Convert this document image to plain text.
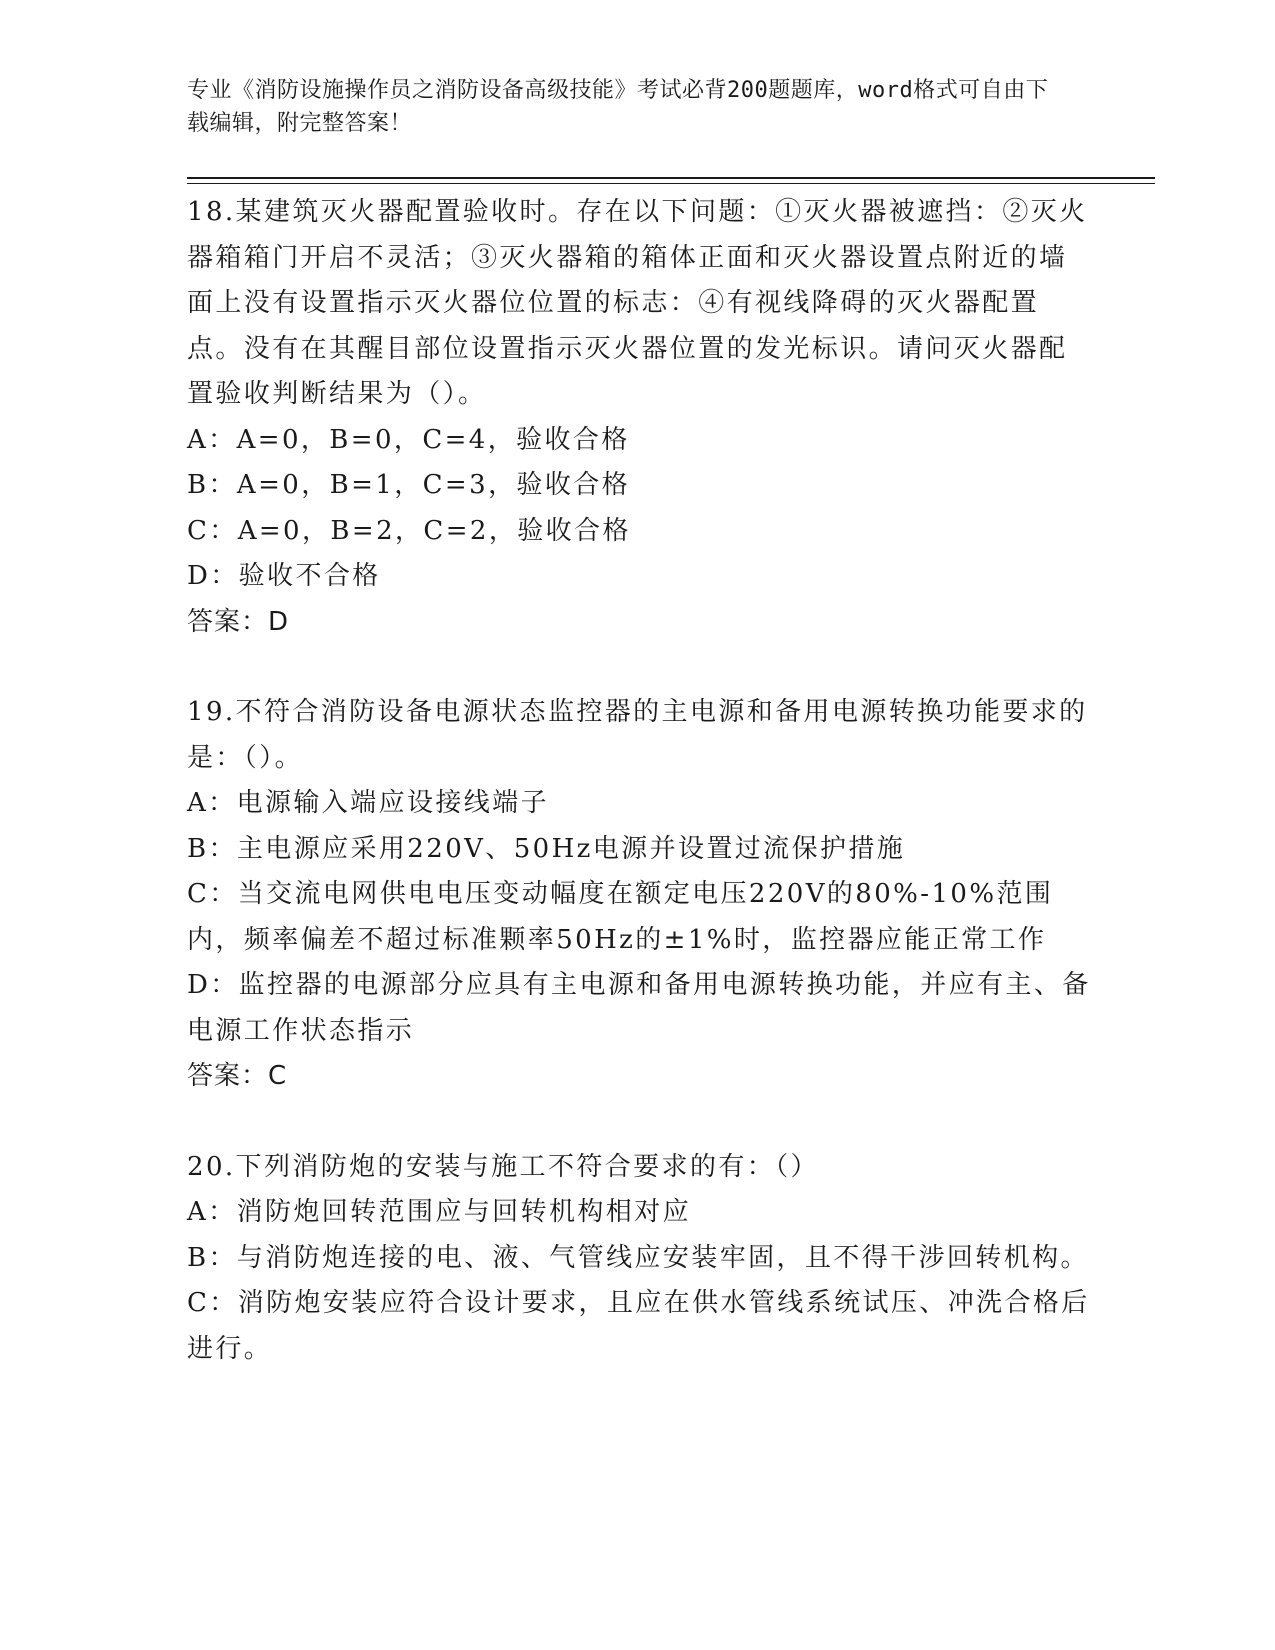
专业《消防设施操作员之消防设备高级技能》考试必背200题题库，word格式可自由下载编辑，附完整答案！
18.某建筑灭火器配置验收时。存在以下问题：①灭火器被遮挡：②灭火器箱箱门开启不灵活；③灭火器箱的箱体正面和灭火器设置点附近的墙面上没有设置指示灭火器位位置的标志：④有视线降碍的灭火器配置点。没有在其醒目部位设置指示灭火器位置的发光标识。请问灭火器配置验收判断结果为（）。
A：A=0，B=0，C=4，验收合格
B：A=0，B=1，C=3，验收合格
C：A=0，B=2，C=2，验收合格
D：验收不合格
答案：D
19.不符合消防设备电源状态监控器的主电源和备用电源转换功能要求的是：（）。
A：电源输入端应设接线端子
B：主电源应采用220V、50Hz电源并设置过流保护措施
C：当交流电网供电电压变动幅度在额定电压220V的80%-10%范围内，频率偏差不超过标准颗率50Hz的±1%时，监控器应能正常工作
D：监控器的电源部分应具有主电源和备用电源转换功能，并应有主、备电源工作状态指示
答案：C
20.下列消防炮的安装与施工不符合要求的有：（）
A：消防炮回转范围应与回转机构相对应
B：与消防炮连接的电、液、气管线应安装牢固，且不得干涉回转机构。
C：消防炮安装应符合设计要求，且应在供水管线系统试压、冲洗合格后进行。
